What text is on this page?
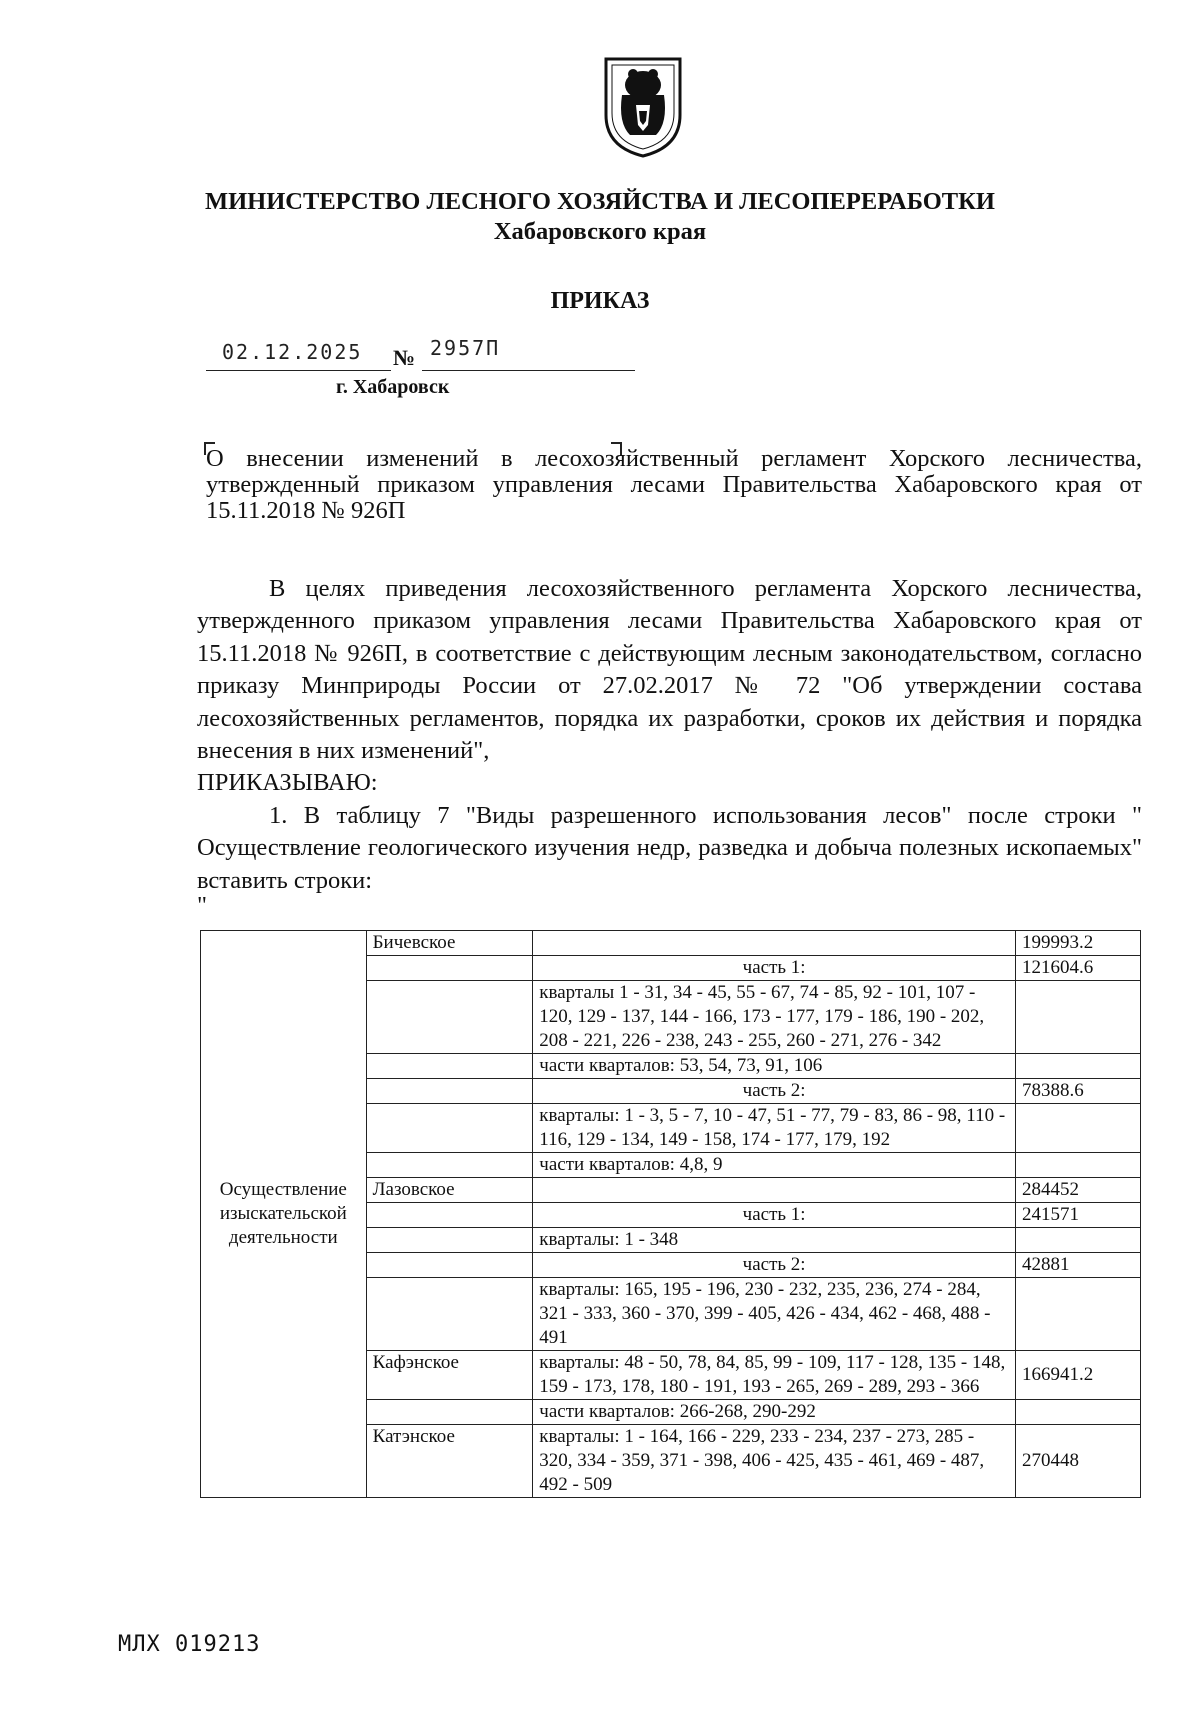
МИНИСТЕРСТВО ЛЕСНОГО ХОЗЯЙСТВА И ЛЕСОПЕРЕРАБОТКИ
Хабаровского края
ПРИКАЗ
02.12.2025 № 2957П
г. Хабаровск
О внесении изменений в лесохозяйственный регламент Хорского лесничества, утвержденный приказом управления лесами Правительства Хабаровского края от 15.11.2018 № 926П

В целях приведения лесохозяйственного регламента Хорского лесничества, утвержденного приказом управления лесами Правительства Хабаровского края от 15.11.2018 № 926П, в соответствие с действующим лесным законодательством, согласно приказу Минприроды России от 27.02.2017 № 72 "Об утверждении состава лесохозяйственных регламентов, порядка их разработки, сроков их действия и порядка внесения в них изменений",

ПРИКАЗЫВАЮ:

1. В таблицу 7 "Виды разрешенного использования лесов" после строки " Осуществление геологического изучения недр, разведка и добыча полезных ископаемых" вставить строки:

"

Осуществление изыскательской деятельности	Бичевское		199993.2
		часть 1:	121604.6
		кварталы 1 - 31, 34 - 45, 55 - 67, 74 - 85, 92 - 101, 107 - 120, 129 - 137, 144 - 166, 173 - 177, 179 - 186, 190 - 202, 208 - 221, 226 - 238, 243 - 255, 260 - 271, 276 - 342	
		части кварталов: 53, 54, 73, 91, 106	
		часть 2:	78388.6
		кварталы: 1 - 3, 5 - 7, 10 - 47, 51 - 77, 79 - 83, 86 - 98, 110 - 116, 129 - 134, 149 - 158, 174 - 177, 179, 192	
		части кварталов: 4,8, 9	
	Лазовское		284452
		часть 1:	241571
		кварталы: 1 - 348	
		часть 2:	42881
		кварталы: 165, 195 - 196, 230 - 232, 235, 236, 274 - 284, 321 - 333, 360 - 370, 399 - 405, 426 - 434, 462 - 468, 488 - 491	
	Кафэнское	кварталы: 48 - 50, 78, 84, 85, 99 - 109, 117 - 128, 135 - 148, 159 - 173, 178, 180 - 191, 193 - 265, 269 - 289, 293 - 366	166941.2
		части кварталов: 266-268, 290-292	
	Катэнское	кварталы: 1 - 164, 166 - 229, 233 - 234, 237 - 273, 285 - 320, 334 - 359, 371 - 398, 406 - 425, 435 - 461, 469 - 487, 492 - 509	270448
МЛХ 019213
